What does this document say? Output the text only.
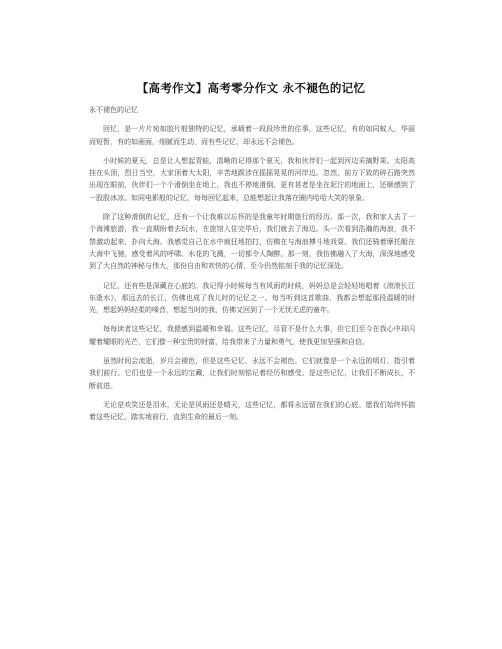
【高考作文】高考零分作文 永不褪色的记忆
永不褪色的记忆

回忆，是一片片宛如胶片般独特的记忆，承载着一段段珍贵的往事，这些记忆，有的如同蚊人，华丽而短暂，有的如画面，细腻而生动，而有些记忆，却永远不会褪色。

小时候的夏天，总是让人想起青蛙，清晰的记得那个夏天，我和伙伴们一起到河边采摘野果。太阳高挂在头顶，烈日当空，大家顶着大太阳，辛苦地跋涉在摇摇晃晃的河岸边。忽然，前方下致的碎石路突然出现在眼前，伙伴们一个个滑倒坐在地上，我也不停地滑倒，更有甚者是坐在泥泞的地面上，还顺感到了一股股冰凉。如同电影般的记忆，每每回忆起来，总能想起让我落在圈内哈哈大笑的景象。

除了这种滑倒的记忆，还有一个让我难以忘怀的是我童年时期旅行的经历。那一次，我和家人去了一个海滩旅游，我一直期盼着去玩水，在旅馆入住完毕后，我们就去了海边。头一次看到浩瀚的海浪，我不禁激动起来，扑向大海。我感觉自己在水中疯狂地拍打，仿佛在与海浪搏斗地戏耍。我们还骑着摩托艇在大海中飞驰，感受着风的呼啸、水花的飞溅，一切都令人陶醉。那一刻，我仿佛融入了大海，深深地感受到了大自然的神秘与伟大，那份自由和欢快的心情，至今仍然铭刻于我的记忆深处。

记忆，还有些是深藏在心底的。我记得小时候每当有风雨的时候，妈妈总是会轻轻地唱着《滚滚长江东逝水》，那远去的长江，仿佛也成了我儿时的记忆之一。每当听到这首歌曲，我都会想起那段温暖的时光，想起妈妈轻柔的嗓音，想起当时的我，仿佛又回到了一个无忧无虑的童年。

每每读者这些记忆，我便感到温暖和幸福。这些记忆，尽管不是什么大事，但它们至今在我心中却闪耀着耀眼的光芒，它们像一种宝贵的财富，给我带来了力量和勇气，使我更加坚强和自信。

虽然时间会流逝，岁月会褪色，但是这些记忆，永远不会褪色。它们就像是一个永远的明灯，指引着我们前行。它们也是一个永远的宝藏，让我们时刻铭记着经历和感受。是这些记忆，让我们不断成长，不断前进。

无论是欢笑还是泪水，无论是风雨还是晴天，这些记忆，都将永远留在我们的心底。愿我们始终怀揣着这些记忆，踏实地前行，直到生命的最后一刻。
